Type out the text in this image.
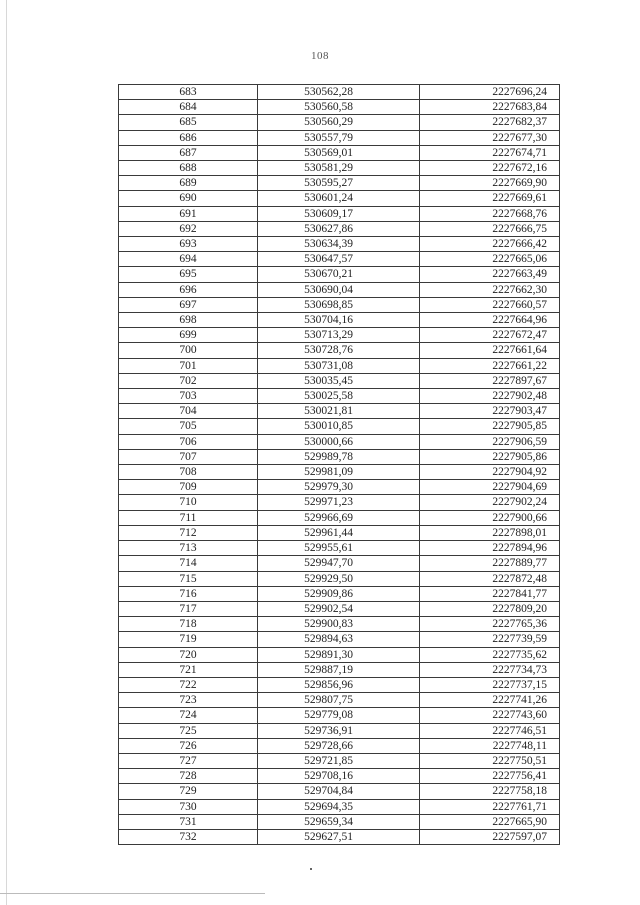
108
683	530562,28	2227696,24
684	530560,58	2227683,84
685	530560,29	2227682,37
686	530557,79	2227677,30
687	530569,01	2227674,71
688	530581,29	2227672,16
689	530595,27	2227669,90
690	530601,24	2227669,61
691	530609,17	2227668,76
692	530627,86	2227666,75
693	530634,39	2227666,42
694	530647,57	2227665,06
695	530670,21	2227663,49
696	530690,04	2227662,30
697	530698,85	2227660,57
698	530704,16	2227664,96
699	530713,29	2227672,47
700	530728,76	2227661,64
701	530731,08	2227661,22
702	530035,45	2227897,67
703	530025,58	2227902,48
704	530021,81	2227903,47
705	530010,85	2227905,85
706	530000,66	2227906,59
707	529989,78	2227905,86
708	529981,09	2227904,92
709	529979,30	2227904,69
710	529971,23	2227902,24
711	529966,69	2227900,66
712	529961,44	2227898,01
713	529955,61	2227894,96
714	529947,70	2227889,77
715	529929,50	2227872,48
716	529909,86	2227841,77
717	529902,54	2227809,20
718	529900,83	2227765,36
719	529894,63	2227739,59
720	529891,30	2227735,62
721	529887,19	2227734,73
722	529856,96	2227737,15
723	529807,75	2227741,26
724	529779,08	2227743,60
725	529736,91	2227746,51
726	529728,66	2227748,11
727	529721,85	2227750,51
728	529708,16	2227756,41
729	529704,84	2227758,18
730	529694,35	2227761,71
731	529659,34	2227665,90
732	529627,51	2227597,07
